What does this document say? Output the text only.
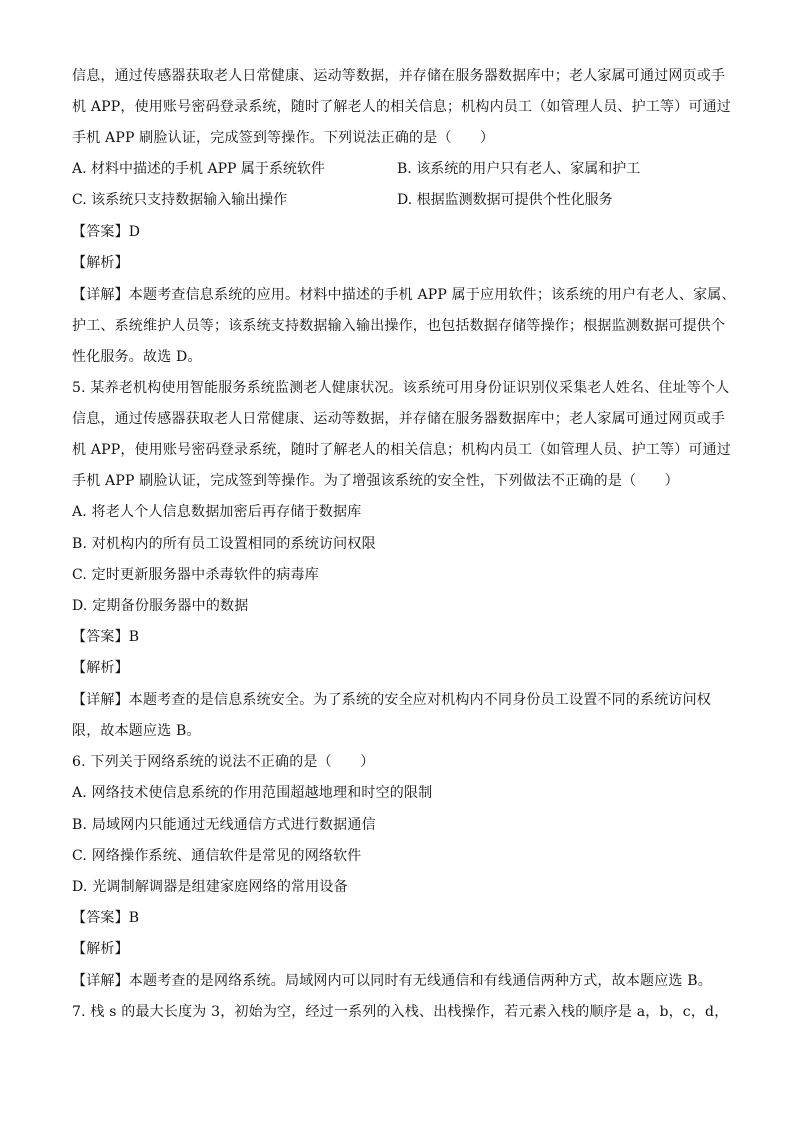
信息，通过传感器获取老人日常健康、运动等数据，并存储在服务器数据库中；老人家属可通过网页或手
机 APP，使用账号密码登录系统，随时了解老人的相关信息；机构内员工（如管理人员、护工等）可通过
手机 APP 刷脸认证，完成签到等操作。下列说法正确的是（　　）
A. 材料中描述的手机 APP 属于系统软件	B. 该系统的用户只有老人、家属和护工
C. 该系统只支持数据输入输出操作	D. 根据监测数据可提供个性化服务
【答案】D
【解析】
【详解】本题考查信息系统的应用。材料中描述的手机 APP 属于应用软件；该系统的用户有老人、家属、
护工、系统维护人员等；该系统支持数据输入输出操作，也包括数据存储等操作；根据监测数据可提供个
性化服务。故选 D。
5. 某养老机构使用智能服务系统监测老人健康状况。该系统可用身份证识别仪采集老人姓名、住址等个人
信息，通过传感器获取老人日常健康、运动等数据，并存储在服务器数据库中；老人家属可通过网页或手
机 APP，使用账号密码登录系统，随时了解老人的相关信息；机构内员工（如管理人员、护工等）可通过
手机 APP 刷脸认证，完成签到等操作。为了增强该系统的安全性，下列做法不正确的是（　　）
A. 将老人个人信息数据加密后再存储于数据库
B. 对机构内的所有员工设置相同的系统访问权限
C. 定时更新服务器中杀毒软件的病毒库
D. 定期备份服务器中的数据
【答案】B
【解析】
【详解】本题考查的是信息系统安全。为了系统的安全应对机构内不同身份员工设置不同的系统访问权
限，故本题应选 B。
6. 下列关于网络系统的说法不正确的是（　　）
A. 网络技术使信息系统的作用范围超越地理和时空的限制
B. 局域网内只能通过无线通信方式进行数据通信
C. 网络操作系统、通信软件是常见的网络软件
D. 光调制解调器是组建家庭网络的常用设备
【答案】B
【解析】
【详解】本题考查的是网络系统。局域网内可以同时有无线通信和有线通信两种方式，故本题应选 B。
7. 栈 s 的最大长度为 3，初始为空，经过一系列的入栈、出栈操作，若元素入栈的顺序是 a，b，c，d，
